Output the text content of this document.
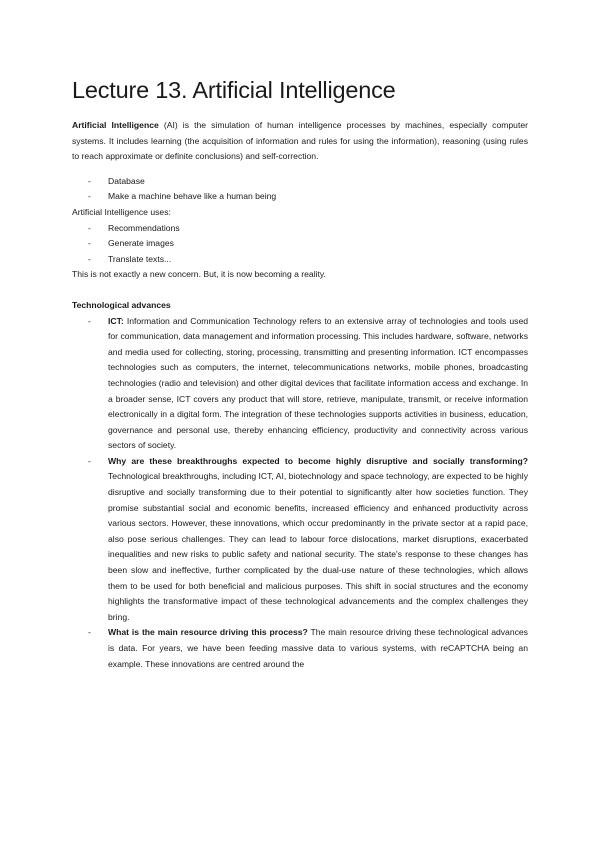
Lecture 13. Artificial Intelligence

Artificial Intelligence (AI) is the simulation of human intelligence processes by machines, especially computer systems. It includes learning (the acquisition of information and rules for using the information), reasoning (using rules to reach approximate or definite conclusions) and self-correction.

- Database
- Make a machine behave like a human being

Artificial Intelligence uses:

- Recommendations
- Generate images
- Translate texts...

This is not exactly a new concern. But, it is now becoming a reality.

Technological advances

- ICT: Information and Communication Technology refers to an extensive array of technologies and tools used for communication, data management and information processing. This includes hardware, software, networks and media used for collecting, storing, processing, transmitting and presenting information. ICT encompasses technologies such as computers, the internet, telecommunications networks, mobile phones, broadcasting technologies (radio and television) and other digital devices that facilitate information access and exchange. In a broader sense, ICT covers any product that will store, retrieve, manipulate, transmit, or receive information electronically in a digital form. The integration of these technologies supports activities in business, education, governance and personal use, thereby enhancing efficiency, productivity and connectivity across various sectors of society.
- Why are these breakthroughs expected to become highly disruptive and socially transforming? Technological breakthroughs, including ICT, AI, biotechnology and space technology, are expected to be highly disruptive and socially transforming due to their potential to significantly alter how societies function. They promise substantial social and economic benefits, increased efficiency and enhanced productivity across various sectors. However, these innovations, which occur predominantly in the private sector at a rapid pace, also pose serious challenges. They can lead to labour force dislocations, market disruptions, exacerbated inequalities and new risks to public safety and national security. The state's response to these changes has been slow and ineffective, further complicated by the dual-use nature of these technologies, which allows them to be used for both beneficial and malicious purposes. This shift in social structures and the economy highlights the transformative impact of these technological advancements and the complex challenges they bring.
- What is the main resource driving this process? The main resource driving these technological advances is data. For years, we have been feeding massive data to various systems, with reCAPTCHA being an example. These innovations are centred around the
